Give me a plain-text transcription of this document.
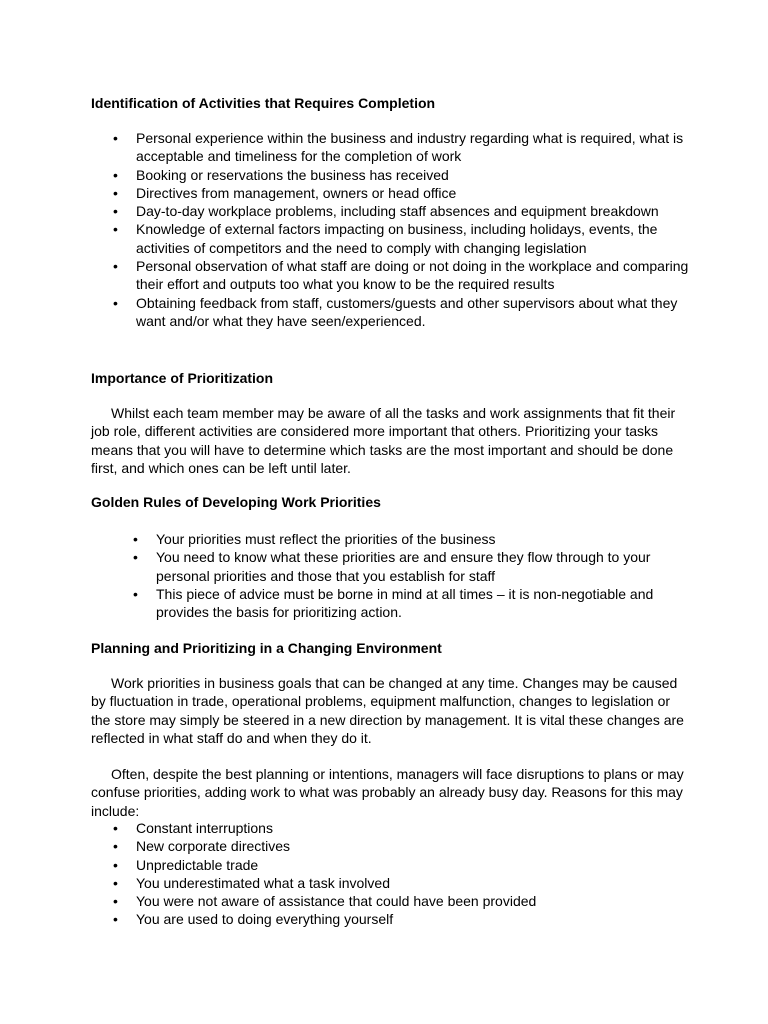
Identification of Activities that Requires Completion
• Personal experience within the business and industry regarding what is required, what is acceptable and timeliness for the completion of work
• Booking or reservations the business has received
• Directives from management, owners or head office
• Day-to-day workplace problems, including staff absences and equipment breakdown
• Knowledge of external factors impacting on business, including holidays, events, the activities of competitors and the need to comply with changing legislation
• Personal observation of what staff are doing or not doing in the workplace and comparing their effort and outputs too what you know to be the required results
• Obtaining feedback from staff, customers/guests and other supervisors about what they want and/or what they have seen/experienced.
Importance of Prioritization
Whilst each team member may be aware of all the tasks and work assignments that fit their job role, different activities are considered more important that others. Prioritizing your tasks means that you will have to determine which tasks are the most important and should be done first, and which ones can be left until later.
Golden Rules of Developing Work Priorities
• Your priorities must reflect the priorities of the business
• You need to know what these priorities are and ensure they flow through to your personal priorities and those that you establish for staff
• This piece of advice must be borne in mind at all times – it is non-negotiable and provides the basis for prioritizing action.
Planning and Prioritizing in a Changing Environment
Work priorities in business goals that can be changed at any time. Changes may be caused by fluctuation in trade, operational problems, equipment malfunction, changes to legislation or the store may simply be steered in a new direction by management. It is vital these changes are reflected in what staff do and when they do it.
Often, despite the best planning or intentions, managers will face disruptions to plans or may confuse priorities, adding work to what was probably an already busy day. Reasons for this may include:
• Constant interruptions
• New corporate directives
• Unpredictable trade
• You underestimated what a task involved
• You were not aware of assistance that could have been provided
• You are used to doing everything yourself
